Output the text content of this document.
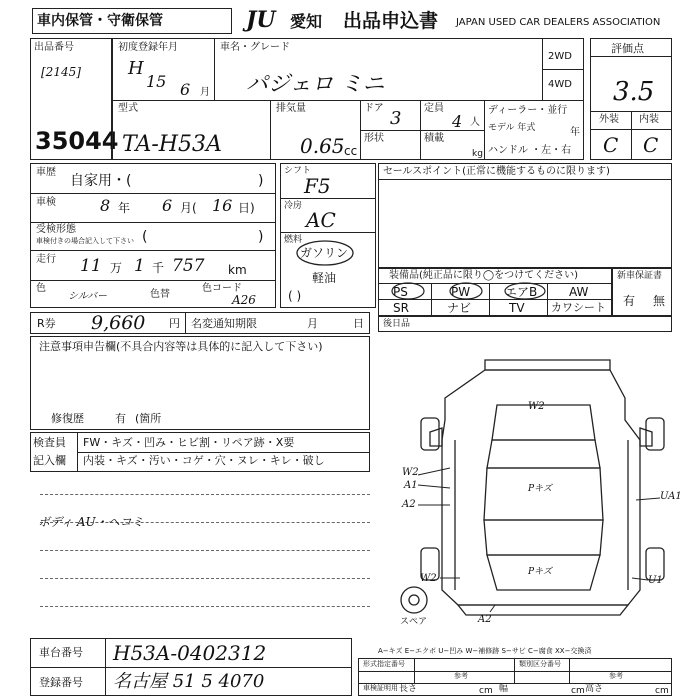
車内保管・守衛保管	JU 愛知 出品申込書 JAPAN USED CAR DEALERS ASSOCIATION
出品番号
[2145]
35044
初度登録年月
H
15 6 月
車名・グレード
パジェロ ミニ
2WD
4WD
型式
TA-H53A
排気量
0.65 cc
ドア 3
形状
定員
4 人
積載
kg
ディーラー・並行
モデル 年式	年
ハンドル ・左・右
評価点
3.5
外装 内装
C C
車歴
自家用・(	)
車検	8 年 6 月( 16 日)
受検形態
車検付きの場合記入して下さい (	)
走行 11 万 1 千 757 km
色
シルバー	色替
色コード
A26
シフト
F5
冷房
AC
燃料
ガソリン
軽油
( )
セールスポイント(正常に機能するものに限ります)
装備品(純正品に限り◯をつけてください)
PS	PW	エアB	AW
SR	ナビ	TV カワシート
新車保証書
有 無
R券 9,660 円 名変通知期限	月	日 後日品
注意事項申告欄(不具合内容等は具体的に記入して下さい)
修復歴	有 (箇所
検査員
記入欄
FW・キズ・凹み・ヒビ割・リペア跡・X要
内装・キズ・汚い・コゲ・穴・ヌレ・キレ・破し
ボディ AU・ヘコミ
W2
W2
A1
A2
Pキズ
Pキズ
UA1
W2	U1
A2
スペア
A−キズ E−エクボ U−凹み W−補修跡 S−サビ C−腐食 XX−交換済
車台番号 H53A-0402312
登録番号 名古屋 51 5 4070
形式指定番号	類別区分番号
参考	参考
車検証明用 長さ	cm 幅	cm 高さ	cm
